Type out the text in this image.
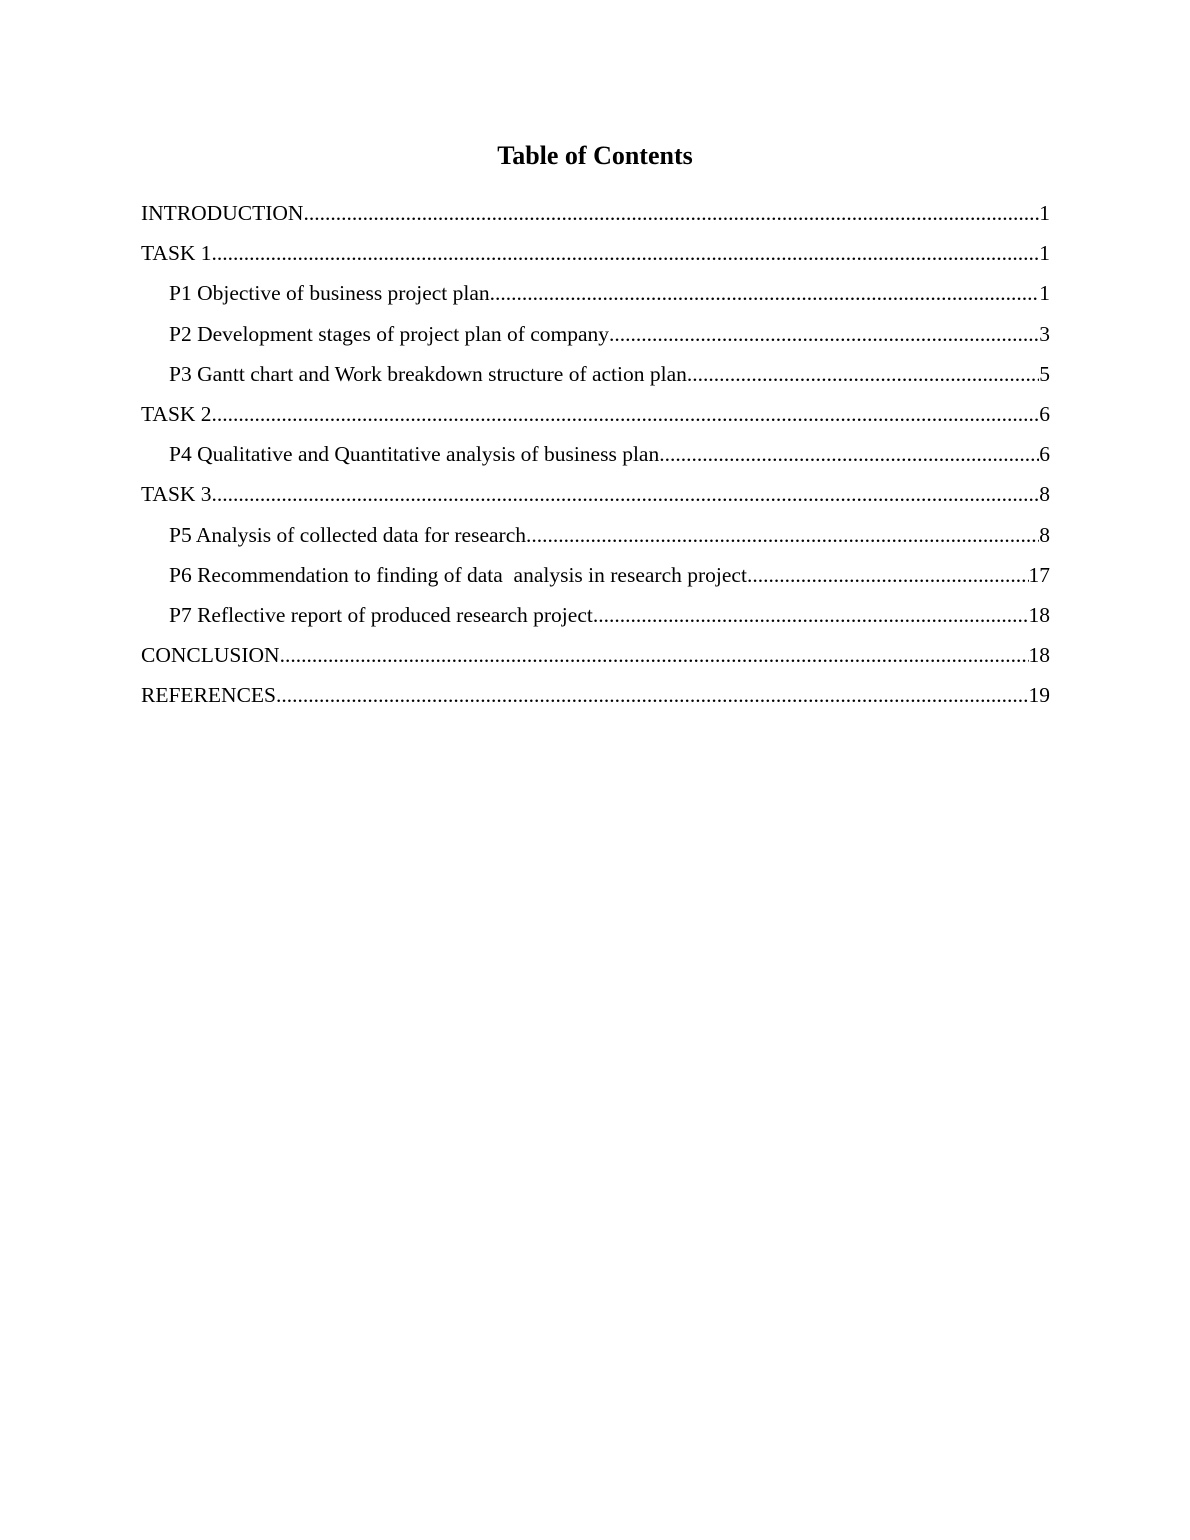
Table of Contents
INTRODUCTION .....	1
TASK 1 .....	1
P1 Objective of business project plan .....	1
P2 Development stages of project plan of company .....	3
P3 Gantt chart and Work breakdown structure of action plan. .....	5
TASK 2 .....	6
P4 Qualitative and Quantitative analysis of business plan .....	6
TASK 3 .....	8
P5 Analysis of collected data for research. .....	8
P6 Recommendation to finding of data  analysis in research project .....	17
P7 Reflective report of produced research project .....	18
CONCLUSION .....	18
REFERENCES .....	19
